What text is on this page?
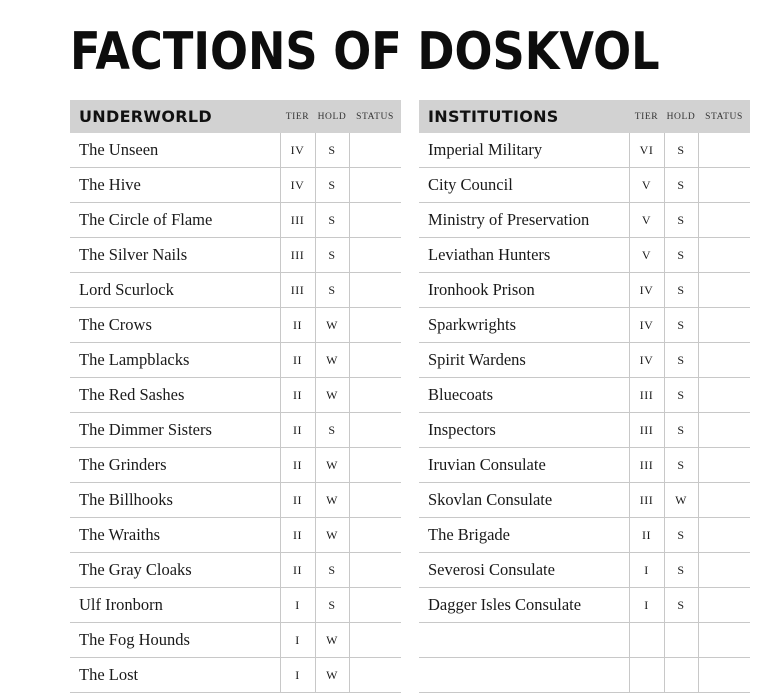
FACTIONS OF DOSKVOL
UNDERWORLD	TIER	HOLD	STATUS
The Unseen	IV	S	
The Hive	IV	S	
The Circle of Flame	III	S	
The Silver Nails	III	S	
Lord Scurlock	III	S	
The Crows	II	W	
The Lampblacks	II	W	
The Red Sashes	II	W	
The Dimmer Sisters	II	S	
The Grinders	II	W	
The Billhooks	II	W	
The Wraiths	II	W	
The Gray Cloaks	II	S	
Ulf Ironborn	I	S	
The Fog Hounds	I	W	
The Lost	I	W	
INSTITUTIONS	TIER	HOLD	STATUS
Imperial Military	VI	S	
City Council	V	S	
Ministry of Preservation	V	S	
Leviathan Hunters	V	S	
Ironhook Prison	IV	S	
Sparkwrights	IV	S	
Spirit Wardens	IV	S	
Bluecoats	III	S	
Inspectors	III	S	
Iruvian Consulate	III	S	
Skovlan Consulate	III	W	
The Brigade	II	S	
Severosi Consulate	I	S	
Dagger Isles Consulate	I	S	
